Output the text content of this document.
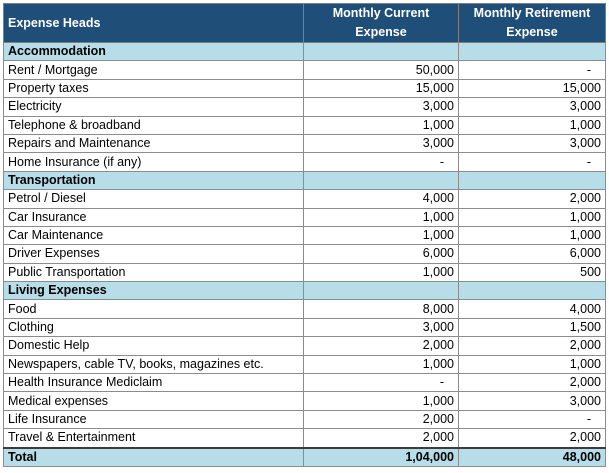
Expense Heads	Monthly Current Expense	Monthly Retirement Expense
Accommodation		
Rent / Mortgage	50,000	-
Property taxes	15,000	15,000
Electricity	3,000	3,000
Telephone & broadband	1,000	1,000
Repairs and Maintenance	3,000	3,000
Home Insurance (if any)	-	-
Transportation		
Petrol / Diesel	4,000	2,000
Car Insurance	1,000	1,000
Car Maintenance	1,000	1,000
Driver Expenses	6,000	6,000
Public Transportation	1,000	500
Living Expenses		
Food	8,000	4,000
Clothing	3,000	1,500
Domestic Help	2,000	2,000
Newspapers, cable TV, books, magazines etc.	1,000	1,000
Health Insurance Mediclaim	-	2,000
Medical expenses	1,000	3,000
Life Insurance	2,000	-
Travel & Entertainment	2,000	2,000
Total	1,04,000	48,000
